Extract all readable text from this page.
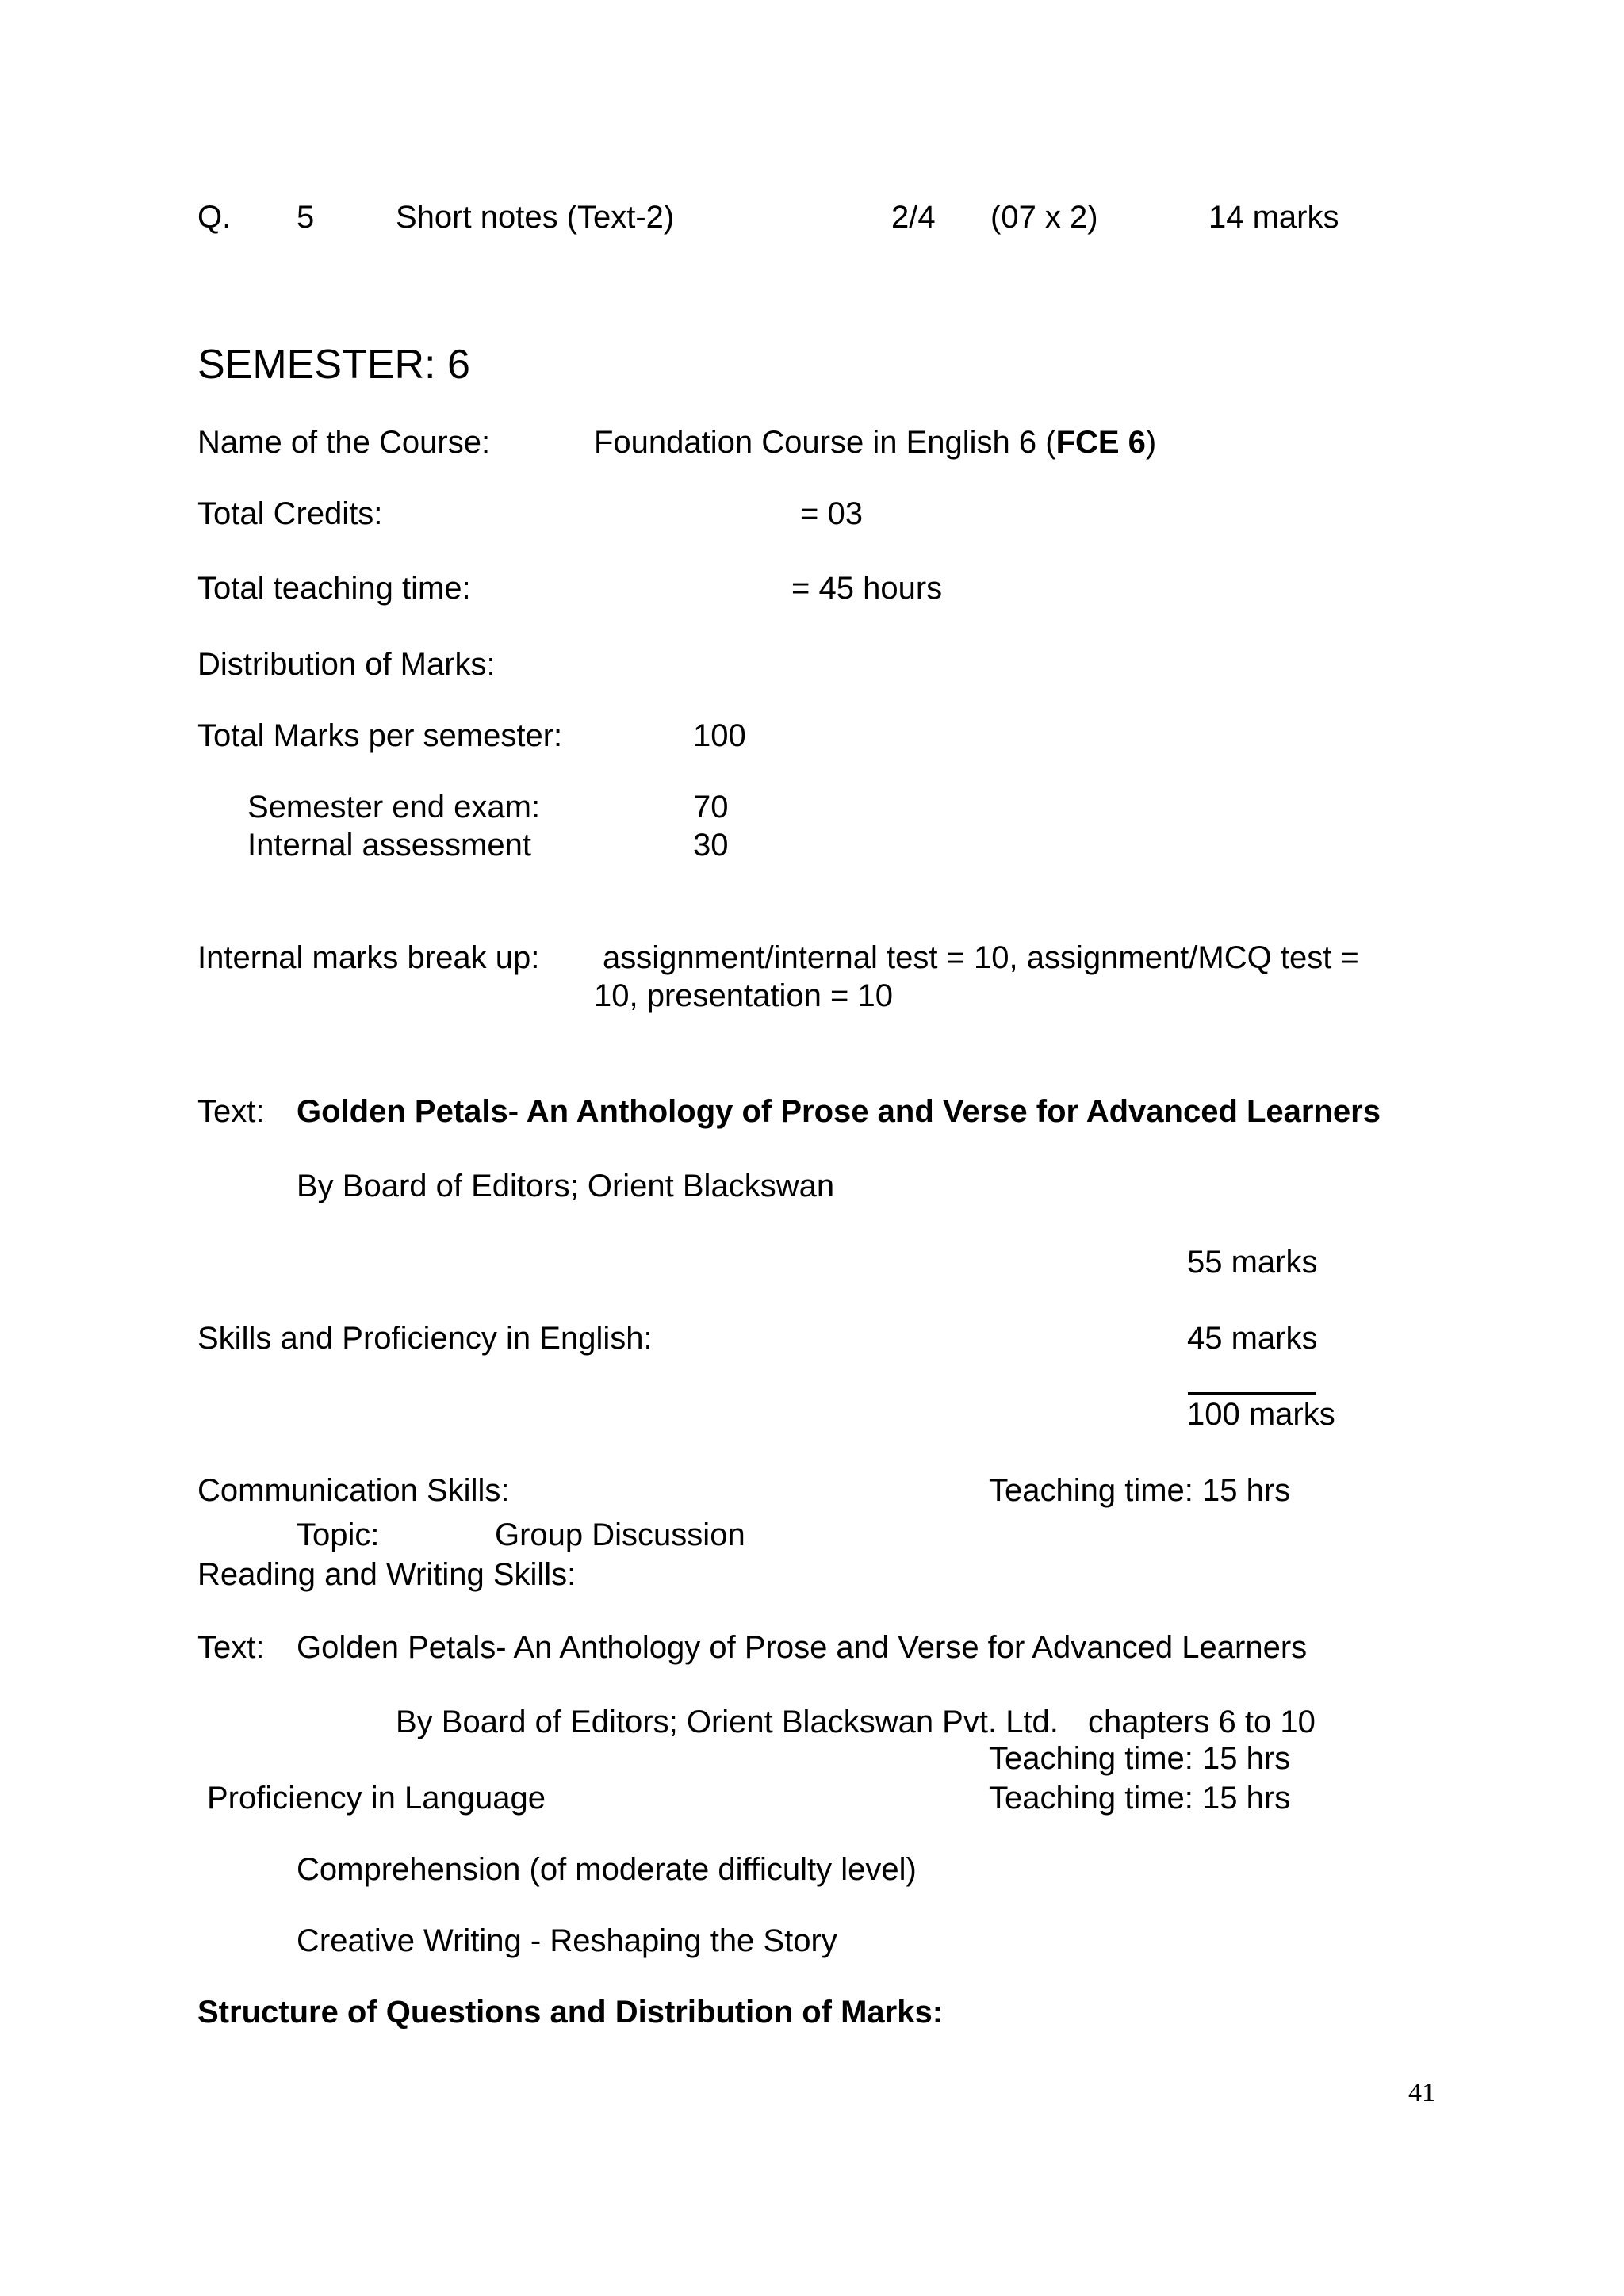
Q. 5	Short notes (Text-2)	2/4 (07 x 2)	14 marks
SEMESTER: 6
Name of the Course:	Foundation Course in English 6 (FCE 6)
Total Credits:	= 03
Total teaching time:	= 45 hours
Distribution of Marks:
Total Marks per semester:	100
Semester end exam:	70
Internal assessment	30
Internal marks break up: assignment/internal test = 10, assignment/MCQ test =
10, presentation = 10
Text: Golden Petals- An Anthology of Prose and Verse for Advanced Learners
By Board of Editors; Orient Blackswan
55 marks
Skills and Proficiency in English:	45 marks
100 marks
Communication Skills:	Teaching time: 15 hrs
Topic:	Group Discussion
Reading and Writing Skills:
Text: Golden Petals- An Anthology of Prose and Verse for Advanced Learners
By Board of Editors; Orient Blackswan Pvt. Ltd. chapters 6 to 10
Teaching time: 15 hrs
Proficiency in Language	Teaching time: 15 hrs
Comprehension (of moderate difficulty level)
Creative Writing - Reshaping the Story
Structure of Questions and Distribution of Marks:
41
